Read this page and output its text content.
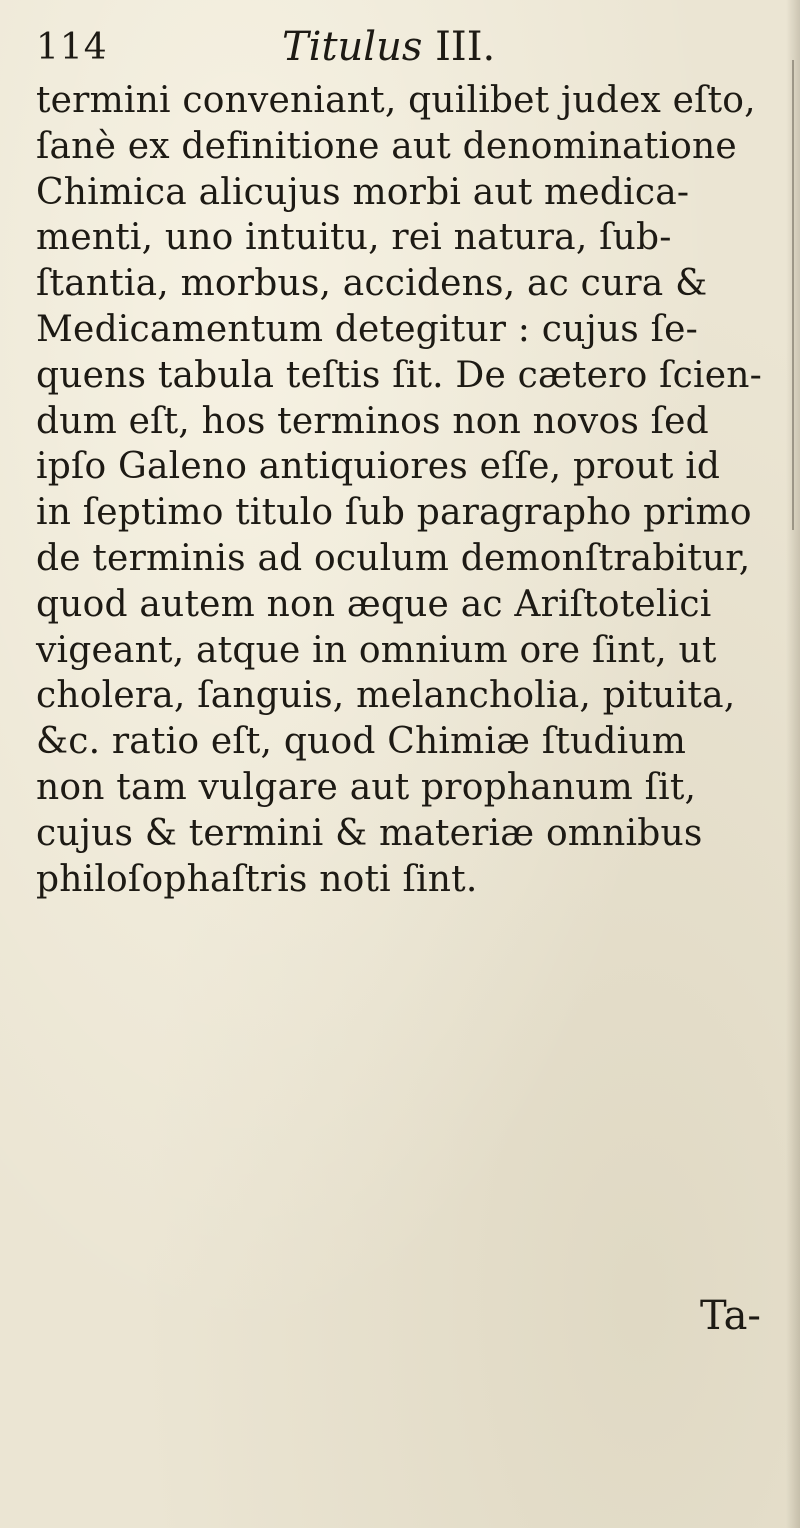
114	Titulus III.
termini conveniant, quilibet judex eſto,
ſanè ex definitione aut denominatione
Chimica alicujus morbi aut medica-
menti, uno intuitu, rei natura, ſub-
ſtantia, morbus, accidens, ac cura &
Medicamentum detegitur : cujus ſe-
quens tabula teſtis ſit. De cætero ſcien-
dum eſt, hos terminos non novos ſed
ipſo Galeno antiquiores eſſe, prout id
in ſeptimo titulo ſub paragrapho primo
de terminis ad oculum demonſtrabitur,
quod autem non æque ac Ariſtotelici
vigeant, atque in omnium ore ſint, ut
cholera, ſanguis, melancholia, pituita,
&c. ratio eſt, quod Chimiæ ſtudium
non tam vulgare aut prophanum ſit,
cujus & termini & materiæ omnibus
philoſophaſtris noti ſint.
Ta-
